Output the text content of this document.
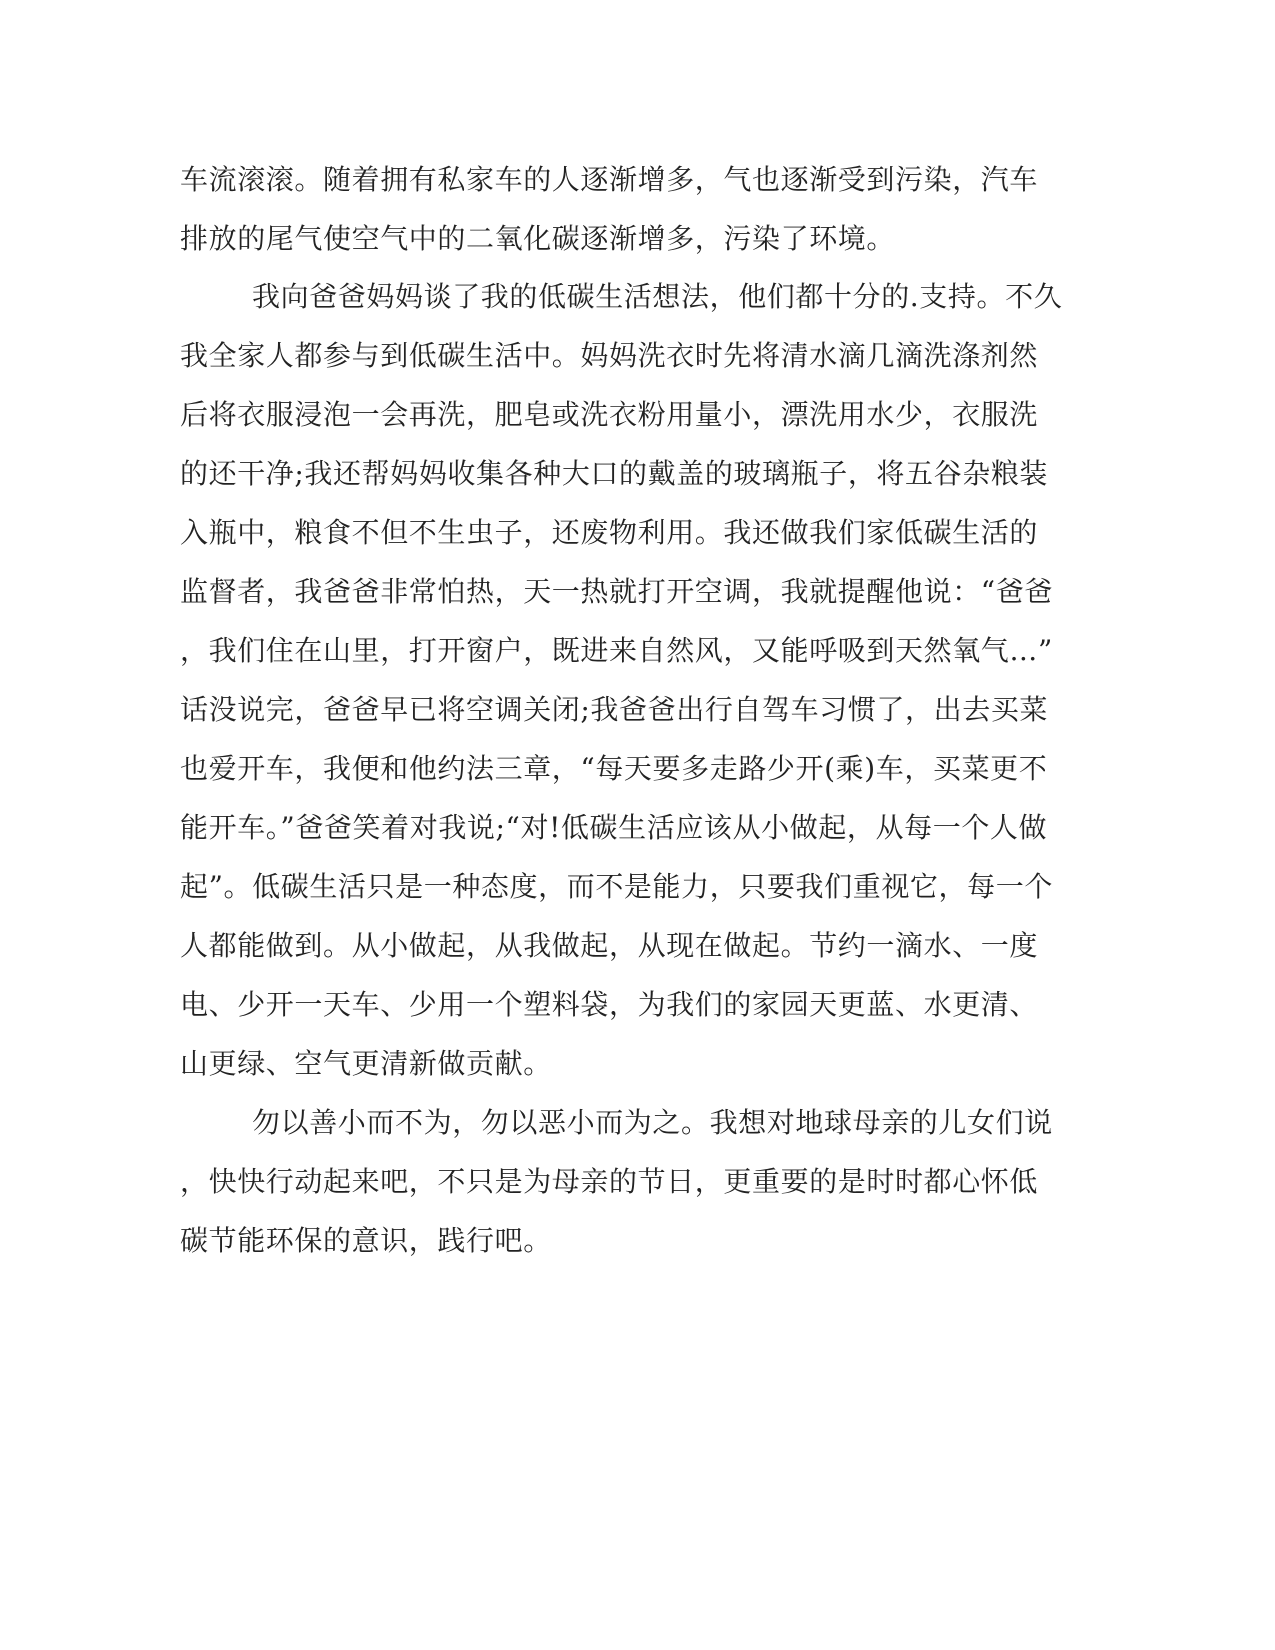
车流滚滚。随着拥有私家车的人逐渐增多，气也逐渐受到污染，汽车

排放的尾气使空气中的二氧化碳逐渐增多，污染了环境。

我向爸爸妈妈谈了我的低碳生活想法，他们都十分的.支持。不久

我全家人都参与到低碳生活中。妈妈洗衣时先将清水滴几滴洗涤剂然

后将衣服浸泡一会再洗，肥皂或洗衣粉用量小，漂洗用水少，衣服洗

的还干净;我还帮妈妈收集各种大口的戴盖的玻璃瓶子，将五谷杂粮装

入瓶中，粮食不但不生虫子，还废物利用。我还做我们家低碳生活的

监督者，我爸爸非常怕热，天一热就打开空调，我就提醒他说：“爸爸

，我们住在山里，打开窗户，既进来自然风，又能呼吸到天然氧气…”

话没说完，爸爸早已将空调关闭;我爸爸出行自驾车习惯了，出去买菜

也爱开车，我便和他约法三章，“每天要多走路少开(乘)车，买菜更不

能开车。”爸爸笑着对我说;“对!低碳生活应该从小做起，从每一个人做

起”。低碳生活只是一种态度，而不是能力，只要我们重视它，每一个

人都能做到。从小做起，从我做起，从现在做起。节约一滴水、一度

电、少开一天车、少用一个塑料袋，为我们的家园天更蓝、水更清、

山更绿、空气更清新做贡献。

勿以善小而不为，勿以恶小而为之。我想对地球母亲的儿女们说

，快快行动起来吧，不只是为母亲的节日，更重要的是时时都心怀低

碳节能环保的意识，践行吧。
